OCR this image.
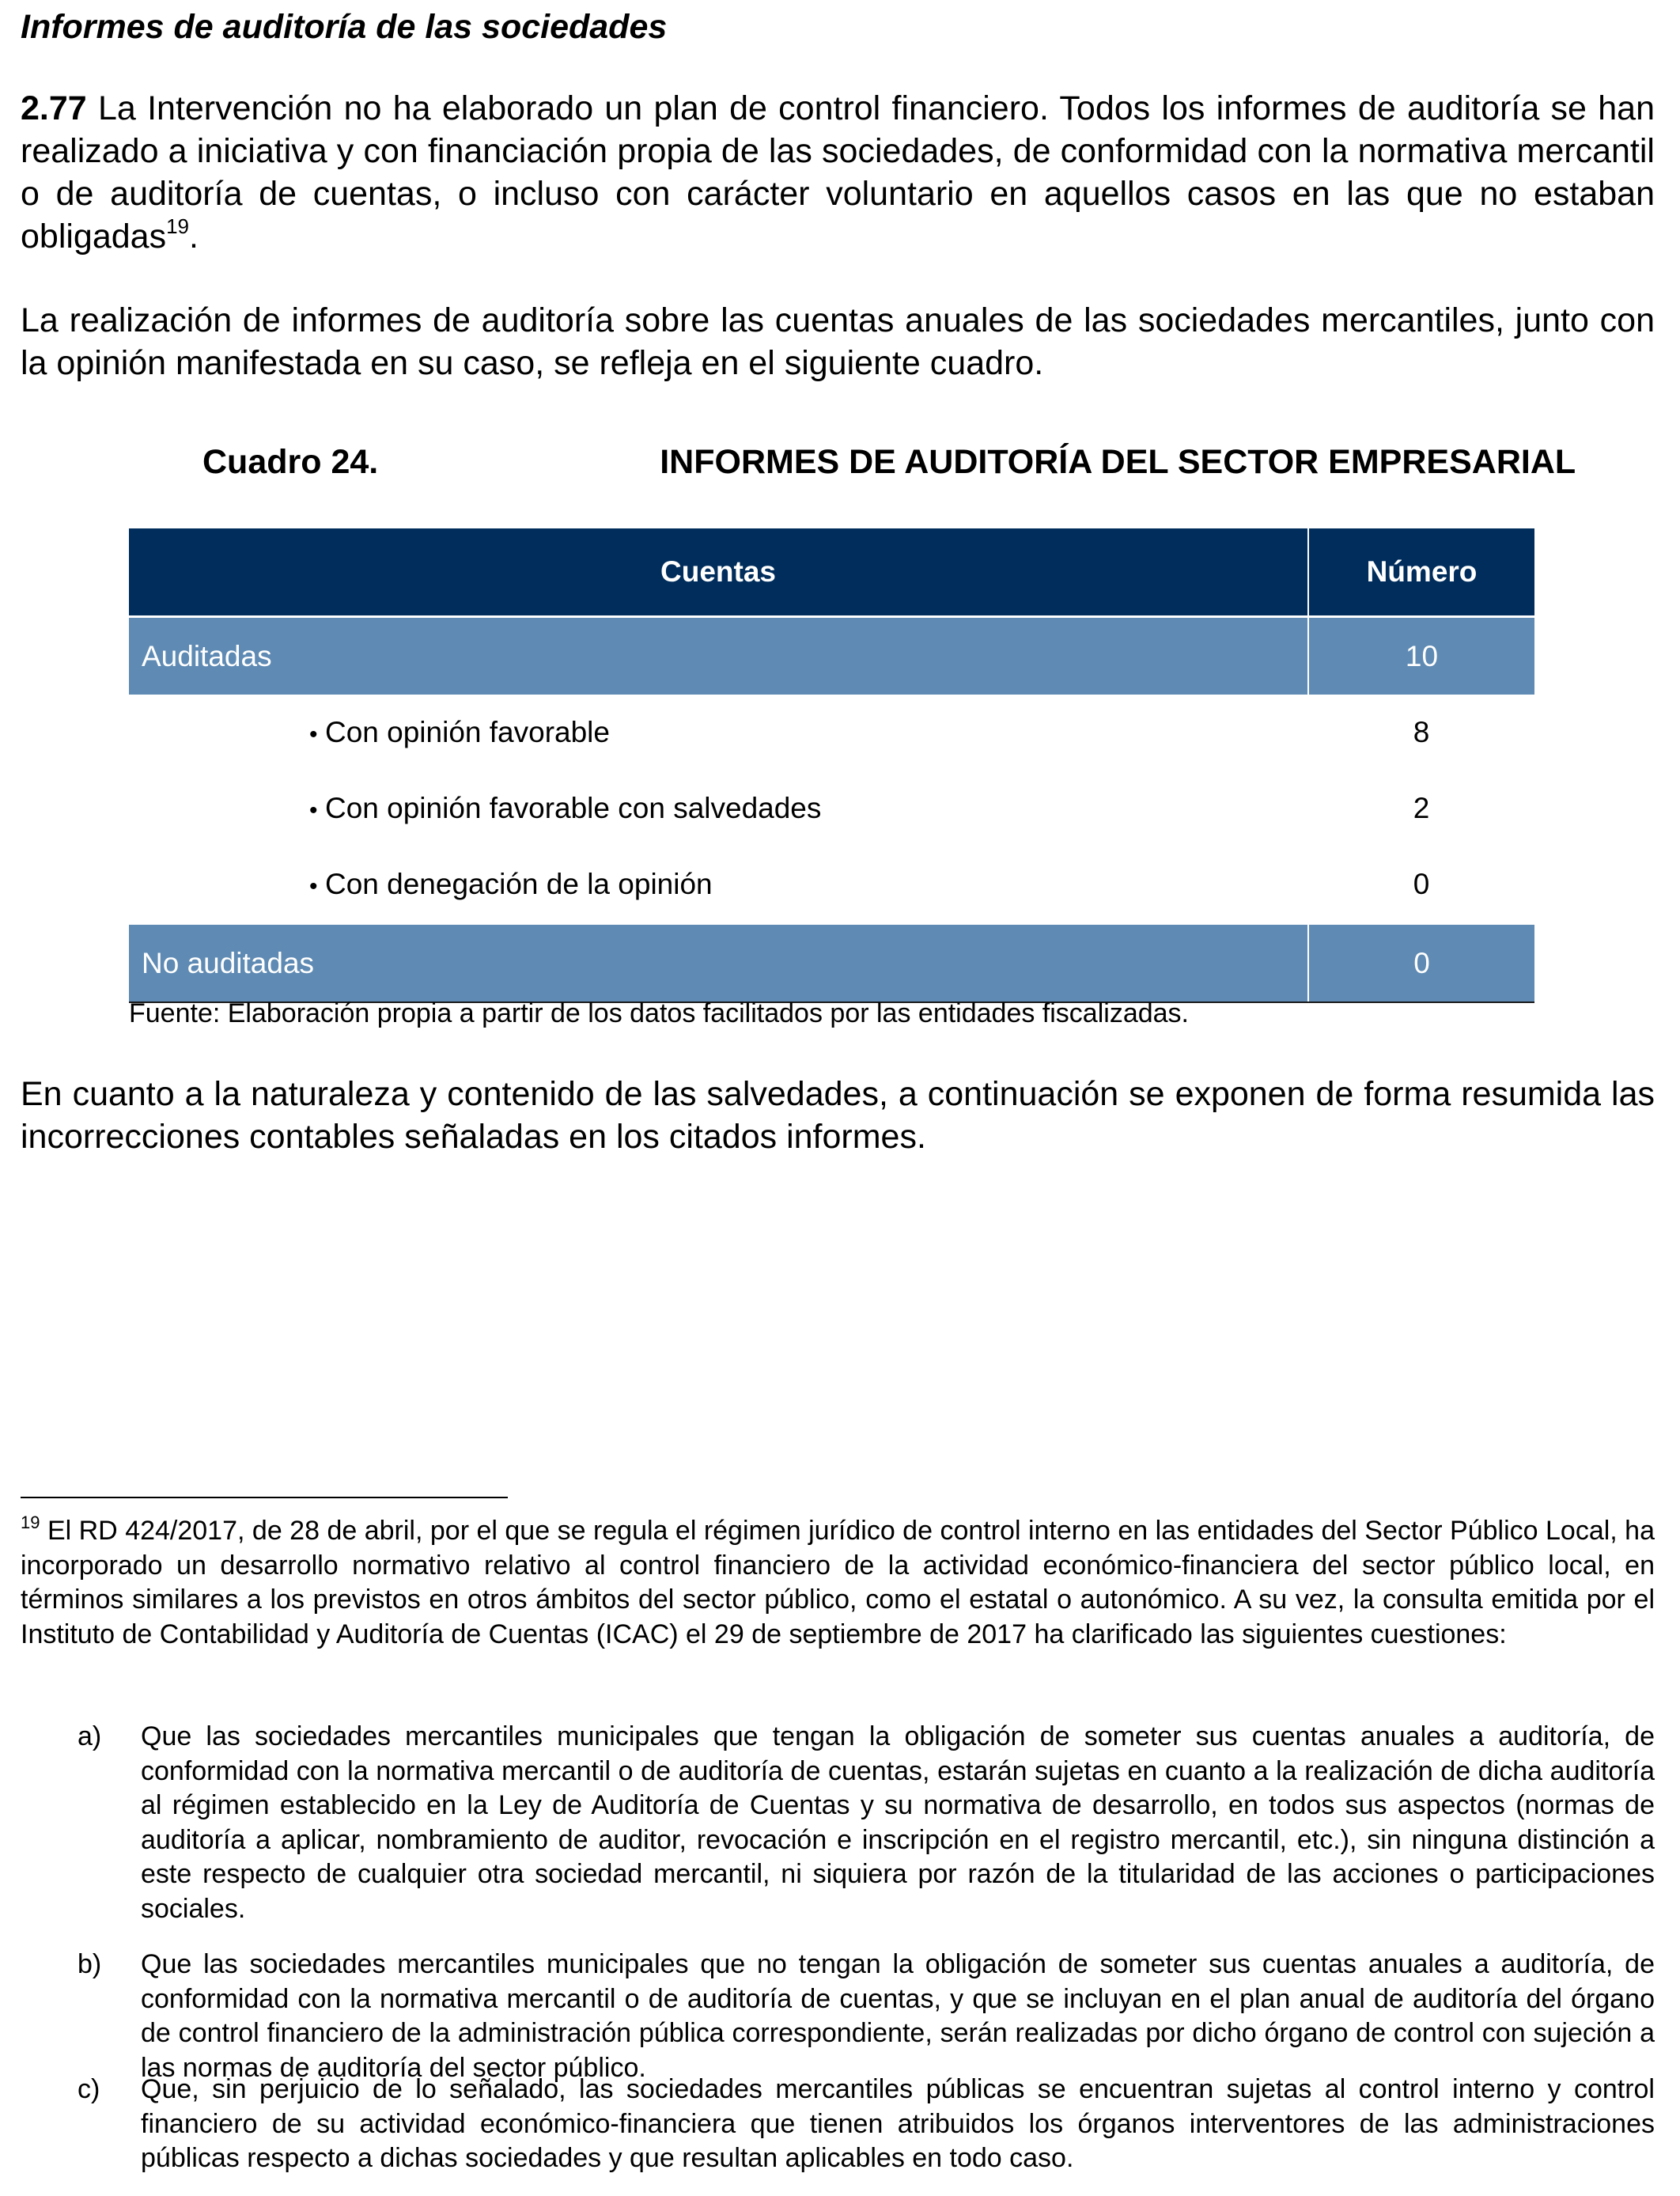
Informes de auditoría de las sociedades

2.77 La Intervención no ha elaborado un plan de control financiero. Todos los informes de auditoría se han realizado a iniciativa y con financiación propia de las sociedades, de conformidad con la normativa mercantil o de auditoría de cuentas, o incluso con carácter voluntario en aquellos casos en las que no estaban obligadas$^{19}$.

La realización de informes de auditoría sobre las cuentas anuales de las sociedades mercantiles, junto con la opinión manifestada en su caso, se refleja en el siguiente cuadro.

Cuadro 24.	INFORMES DE AUDITORÍA DEL SECTOR EMPRESARIAL
Cuentas	Número
Auditadas	10
• Con opinión favorable	8
• Con opinión favorable con salvedades	2
• Con denegación de la opinión	0
No auditadas	0
Fuente: Elaboración propia a partir de los datos facilitados por las entidades fiscalizadas.

En cuanto a la naturaleza y contenido de las salvedades, a continuación se exponen de forma resumida las incorrecciones contables señaladas en los citados informes.

$^{19}$ El RD 424/2017, de 28 de abril, por el que se regula el régimen jurídico de control interno en las entidades del Sector Público Local, ha incorporado un desarrollo normativo relativo al control financiero de la actividad económico-financiera del sector público local, en términos similares a los previstos en otros ámbitos del sector público, como el estatal o autonómico. A su vez, la consulta emitida por el Instituto de Contabilidad y Auditoría de Cuentas (ICAC) el 29 de septiembre de 2017 ha clarificado las siguientes cuestiones:

a) Que las sociedades mercantiles municipales que tengan la obligación de someter sus cuentas anuales a auditoría, de conformidad con la normativa mercantil o de auditoría de cuentas, estarán sujetas en cuanto a la realización de dicha auditoría al régimen establecido en la Ley de Auditoría de Cuentas y su normativa de desarrollo, en todos sus aspectos (normas de auditoría a aplicar, nombramiento de auditor, revocación e inscripción en el registro mercantil, etc.), sin ninguna distinción a este respecto de cualquier otra sociedad mercantil, ni siquiera por razón de la titularidad de las acciones o participaciones sociales.
b) Que las sociedades mercantiles municipales que no tengan la obligación de someter sus cuentas anuales a auditoría, de conformidad con la normativa mercantil o de auditoría de cuentas, y que se incluyan en el plan anual de auditoría del órgano de control financiero de la administración pública correspondiente, serán realizadas por dicho órgano de control con sujeción a las normas de auditoría del sector público.
c) Que, sin perjuicio de lo señalado, las sociedades mercantiles públicas se encuentran sujetas al control interno y control financiero de su actividad económico-financiera que tienen atribuidos los órganos interventores de las administraciones públicas respecto a dichas sociedades y que resultan aplicables en todo caso.
